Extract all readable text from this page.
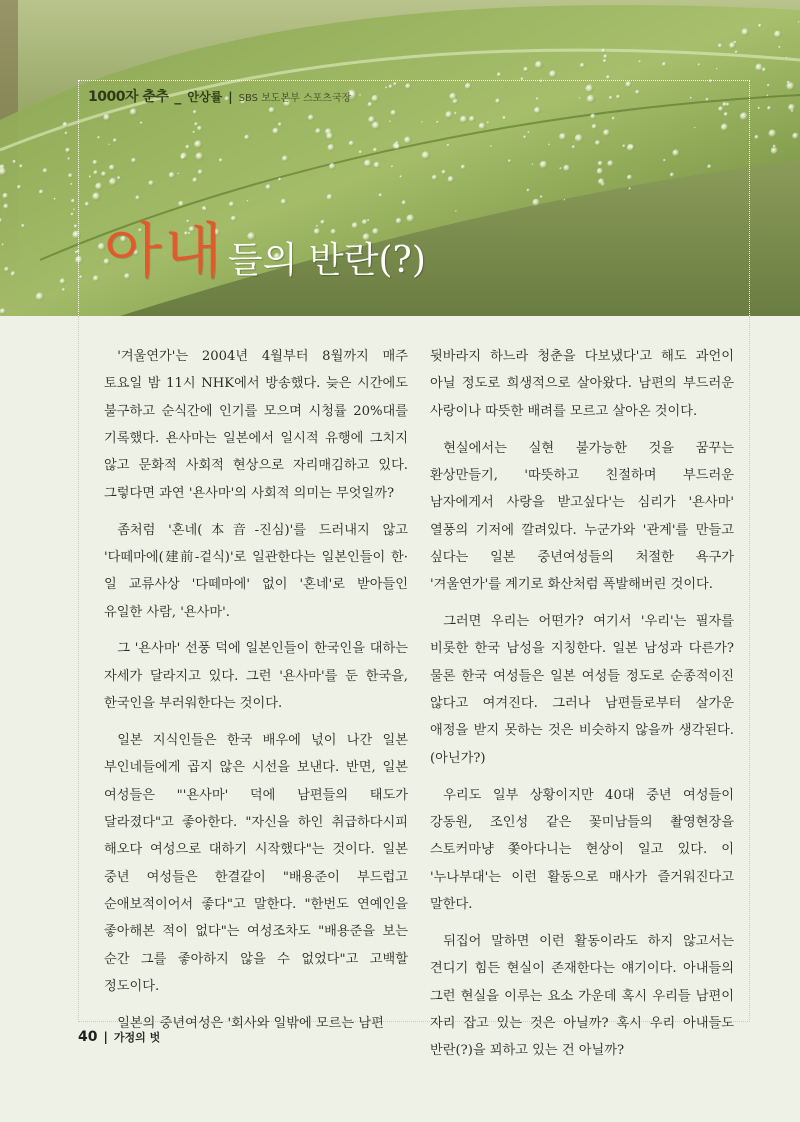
1000자 춘추 _ 안상률 | SBS 보도본부 스포츠국장
아내 들의 반란(?)

'겨울연가'는 2004년 4월부터 8월까지 매주 토요일 밤 11시 NHK에서 방송했다. 늦은 시간에도 불구하고 순식간에 인기를 모으며 시청률 20%대를 기록했다. 욘사마는 일본에서 일시적 유행에 그치지 않고 문화적 사회적 현상으로 자리매김하고 있다. 그렇다면 과연 '욘사마'의 사회적 의미는 무엇일까?

좀처럼 '혼네(本音-진심)'를 드러내지 않고 '다떼마에(建前-겉식)'로 일관한다는 일본인들이 한·일 교류사상 '다떼마에' 없이 '혼네'로 받아들인 유일한 사람, '욘사마'.

그 '욘사마' 선풍 덕에 일본인들이 한국인을 대하는 자세가 달라지고 있다. 그런 '욘사마'를 둔 한국을, 한국인을 부러워한다는 것이다.

일본 지식인들은 한국 배우에 넋이 나간 일본 부인네들에게 곱지 않은 시선을 보낸다. 반면, 일본 여성들은 "'욘사마' 덕에 남편들의 태도가 달라졌다"고 좋아한다. "자신을 하인 취급하다시피 해오다 여성으로 대하기 시작했다"는 것이다. 일본 중년 여성들은 한결같이 "배용준이 부드럽고 순애보적이어서 좋다"고 말한다. "한번도 연예인을 좋아해본 적이 없다"는 여성조차도 "배용준을 보는 순간 그를 좋아하지 않을 수 없었다"고 고백할 정도이다.

일본의 중년여성은 '회사와 일밖에 모르는 남편

뒷바라지 하느라 청춘을 다보냈다'고 해도 과언이 아닐 정도로 희생적으로 살아왔다. 남편의 부드러운 사랑이나 따뜻한 배려를 모르고 살아온 것이다.

현실에서는 실현 불가능한 것을 꿈꾸는 환상만들기, '따뜻하고 친절하며 부드러운 남자에게서 사랑을 받고싶다'는 심리가 '욘사마' 열풍의 기저에 깔려있다. 누군가와 '관계'를 만들고 싶다는 일본 중년여성들의 처절한 욕구가 '겨울연가'를 계기로 화산처럼 폭발해버린 것이다.

그러면 우리는 어떤가? 여기서 '우리'는 필자를 비롯한 한국 남성을 지칭한다. 일본 남성과 다른가? 물론 한국 여성들은 일본 여성들 정도로 순종적이진 않다고 여겨진다. 그러나 남편들로부터 살가운 애정을 받지 못하는 것은 비슷하지 않을까 생각된다.(아닌가?)

우리도 일부 상황이지만 40대 중년 여성들이 강동원, 조인성 같은 꽃미남들의 촬영현장을 스토커마냥 쫓아다니는 현상이 일고 있다. 이 '누나부대'는 이런 활동으로 매사가 즐거워진다고 말한다.

뒤집어 말하면 이런 활동이라도 하지 않고서는 견디기 힘든 현실이 존재한다는 얘기이다. 아내들의 그런 현실을 이루는 요소 가운데 혹시 우리들 남편이 자리 잡고 있는 것은 아닐까? 혹시 우리 아내들도 반란(?)을 꾀하고 있는 건 아닐까?

40 | 가정의 벗
